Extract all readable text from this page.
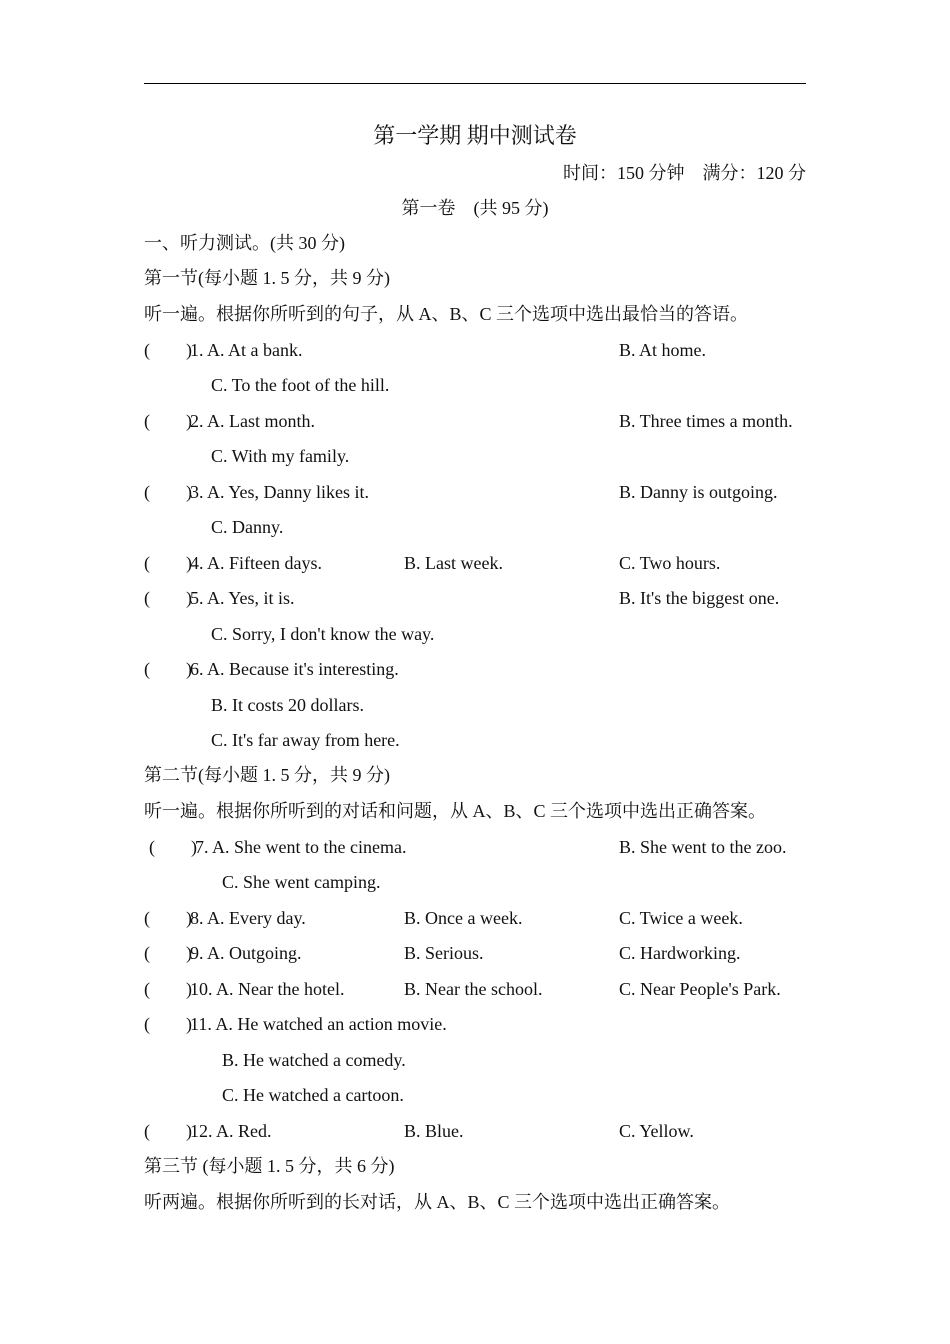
第一学期 期中测试卷
时间：150 分钟    满分：120 分
第一卷    (共 95 分)
一、听力测试。(共 30 分)
第一节(每小题 1. 5 分，共 9 分)
听一遍。根据你所听到的句子，从 A、B、C 三个选项中选出最恰当的答语。
(        )
1. A. At a bank.	B. At home.
C. To the foot of the hill.
(        )
2. A. Last month.	B. Three times a month.
C. With my family.
(        )
3. A. Yes, Danny likes it.	B. Danny is outgoing.
C. Danny.
(        )
4. A. Fifteen days.	B. Last week.	C. Two hours.
(        )
5. A. Yes, it is.	B. It's the biggest one.
C. Sorry, I don't know the way.
(        )
6. A. Because it's interesting.
B. It costs 20 dollars.
C. It's far away from here.
第二节(每小题 1. 5 分，共 9 分)
听一遍。根据你所听到的对话和问题，从 A、B、C 三个选项中选出正确答案。
(        )
7. A. She went to the cinema.	B. She went to the zoo.
C. She went camping.
(        )
8. A. Every day.	B. Once a week.	C. Twice a week.
(        )
9. A. Outgoing.	B. Serious.	C. Hardworking.
(        )
10. A. Near the hotel.	B. Near the school.	C. Near People's Park.
(        )
11. A. He watched an action movie.
B. He watched a comedy.
C. He watched a cartoon.
(        )
12. A. Red.	B. Blue.	C. Yellow.
第三节 (每小题 1. 5 分，共 6 分)
听两遍。根据你所听到的长对话，从 A、B、C 三个选项中选出正确答案。
